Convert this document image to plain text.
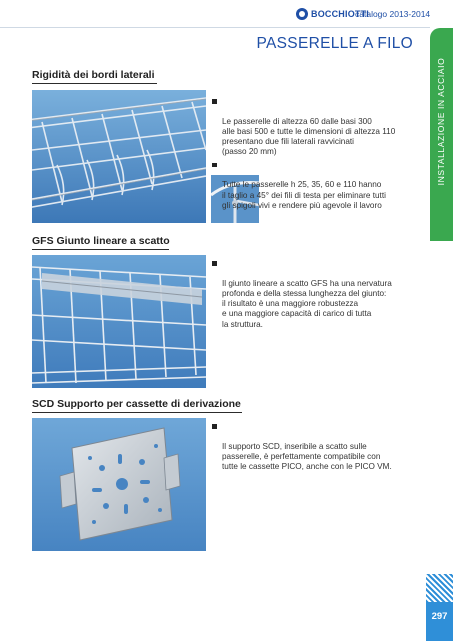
BOCCHIOTTI
catalogo 2013-2014
PASSERELLE A FILO
INSTALLAZIONE IN ACCIAIO
Rigidità dei bordi laterali

Le passerelle di altezza 60 dalle basi 300
alle basi 500 e tutte le dimensioni di altezza 110
presentano due fili laterali ravvicinati
(passo 20 mm)

Tutte le passerelle h 25, 35, 60 e 110 hanno
il taglio a 45° dei fili di testa per eliminare tutti
gli spigoli vivi e rendere più agevole il lavoro

GFS Giunto lineare a scatto

Il giunto lineare a scatto GFS ha una nervatura
profonda e della stessa lunghezza del giunto:
il risultato è una maggiore robustezza
e una maggiore capacità di carico di tutta
la struttura.

SCD Supporto per cassette di derivazione

Il supporto SCD, inseribile a scatto sulle
passerelle, è perfettamente compatibile con
tutte le cassette PICO, anche con le PICO VM.

297
